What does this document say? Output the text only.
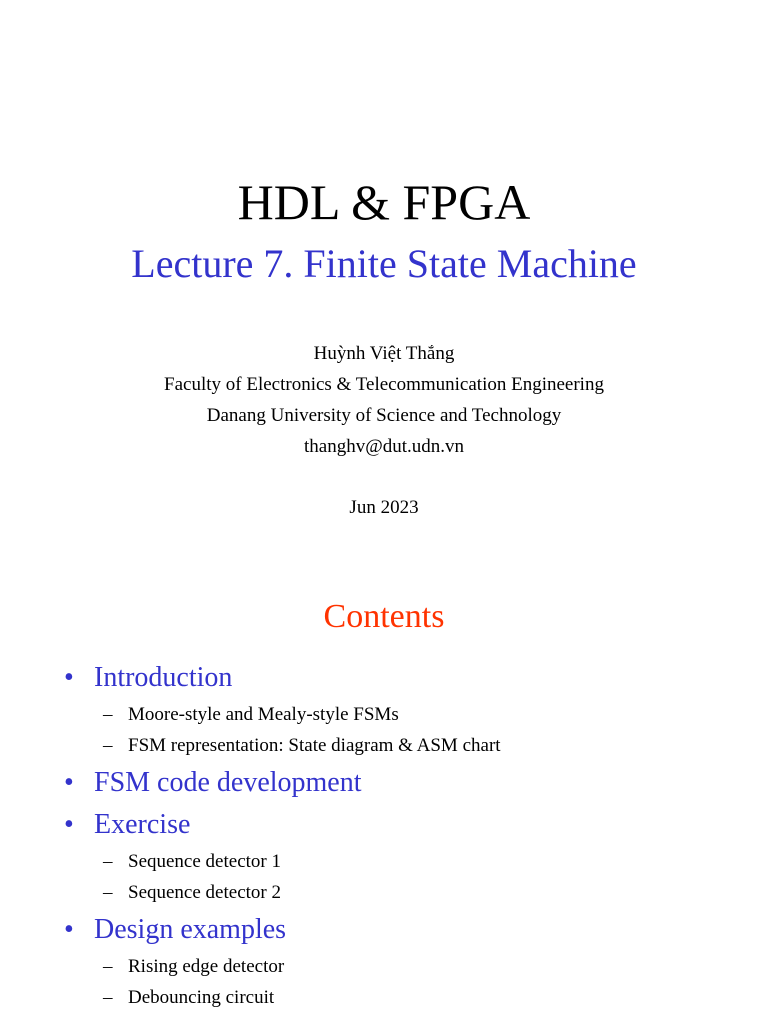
HDL & FPGA
Lecture 7. Finite State Machine
Huỳnh Việt Thắng
Faculty of Electronics & Telecommunication Engineering
Danang University of Science and Technology
thanghv@dut.udn.vn
Jun 2023
Contents
• Introduction
– Moore-style and Mealy-style FSMs
– FSM representation: State diagram & ASM chart
• FSM code development
• Exercise
– Sequence detector 1
– Sequence detector 2
• Design examples
– Rising edge detector
– Debouncing circuit
